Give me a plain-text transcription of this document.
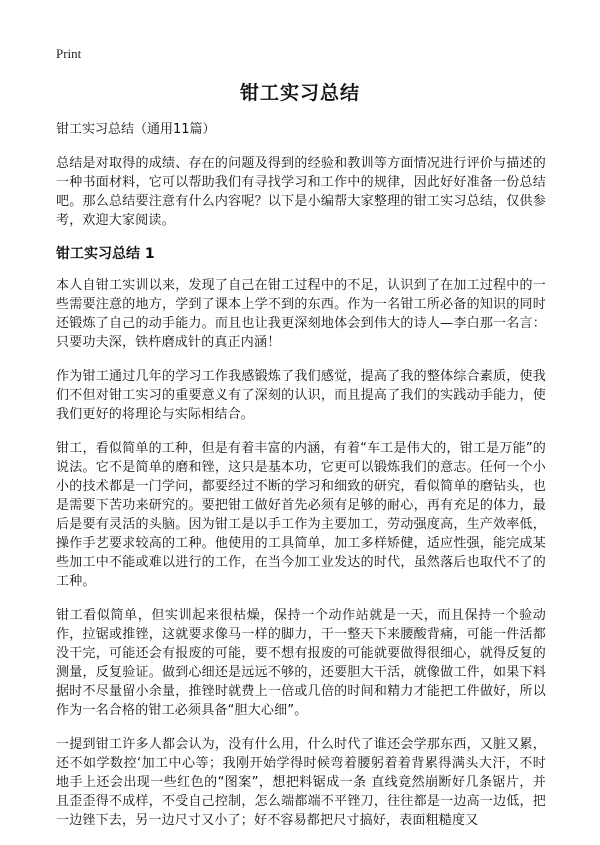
Print
钳工实习总结

钳工实习总结（通用11篇）

总结是对取得的成绩、存在的问题及得到的经验和教训等方面情况进行评价与描述的一种书面材料，它可以帮助我们有寻找学习和工作中的规律，因此好好准备一份总结吧。那么总结要注意有什么内容呢？以下是小编帮大家整理的钳工实习总结，仅供参考，欢迎大家阅读。

钳工实习总结 1

本人自钳工实训以来，发现了自己在钳工过程中的不足，认识到了在加工过程中的一些需要注意的地方，学到了课本上学不到的东西。作为一名钳工所必备的知识的同时还锻炼了自己的动手能力。而且也让我更深刻地体会到伟大的诗人—李白那一名言：只要功夫深，铁杵磨成针的真正内涵！

作为钳工通过几年的学习工作我感锻炼了我们感觉，提高了我的整体综合素质，使我们不但对钳工实习的重要意义有了深刻的认识，而且提高了我们的实践动手能力，使我们更好的将理论与实际相结合。

钳工，看似简单的工种，但是有着丰富的内涵，有着“车工是伟大的，钳工是万能”的说法。它不是简单的磨和锉，这只是基本功，它更可以锻炼我们的意志。任何一个小小的技术都是一门学问，都要经过不断的学习和细致的研究，看似简单的磨钻头，也是需要下苦功来研究的。要把钳工做好首先必须有足够的耐心，再有充足的体力，最后是要有灵活的头脑。因为钳工是以手工作为主要加工，劳动强度高，生产效率低，操作手艺要求较高的工种。他使用的工具简单，加工多样矫健，适应性强，能完成某些加工中不能或难以进行的工作，在当今加工业发达的时代，虽然落后也取代不了的工种。

钳工看似简单，但实训起来很枯燥，保持一个动作站就是一天，而且保持一个验动作，拉锯或推锉，这就要求像马一样的脚力，干一整天下来腰酸背痛，可能一件活都没干完，可能还会有报废的可能，要不想有报废的可能就要做得很细心，就得反复的测量，反复验证。做到心细还是远远不够的，还要胆大干活，就像做工件，如果下料据时不尽量留小余量，推锉时就费上一倍或几倍的时间和精力才能把工件做好，所以作为一名合格的钳工必须具备“胆大心细”。

一提到钳工许多人都会认为，没有什么用，什么时代了谁还会学那东西，又脏又累，还不如学数控‘加工中心等；我刚开始学得时候弯着腰躬着着背累得满头大汗，不时地手上还会出现一些红色的“图案”，想把料锯成一条 直线竟然崩断好几条锯片，并且歪歪得不成样，不受自己控制，怎么端都端不平锉刀，往往都是一边高一边低，把一边锉下去，另一边尺寸又小了；好不容易都把尺寸搞好，表面粗糙度又
